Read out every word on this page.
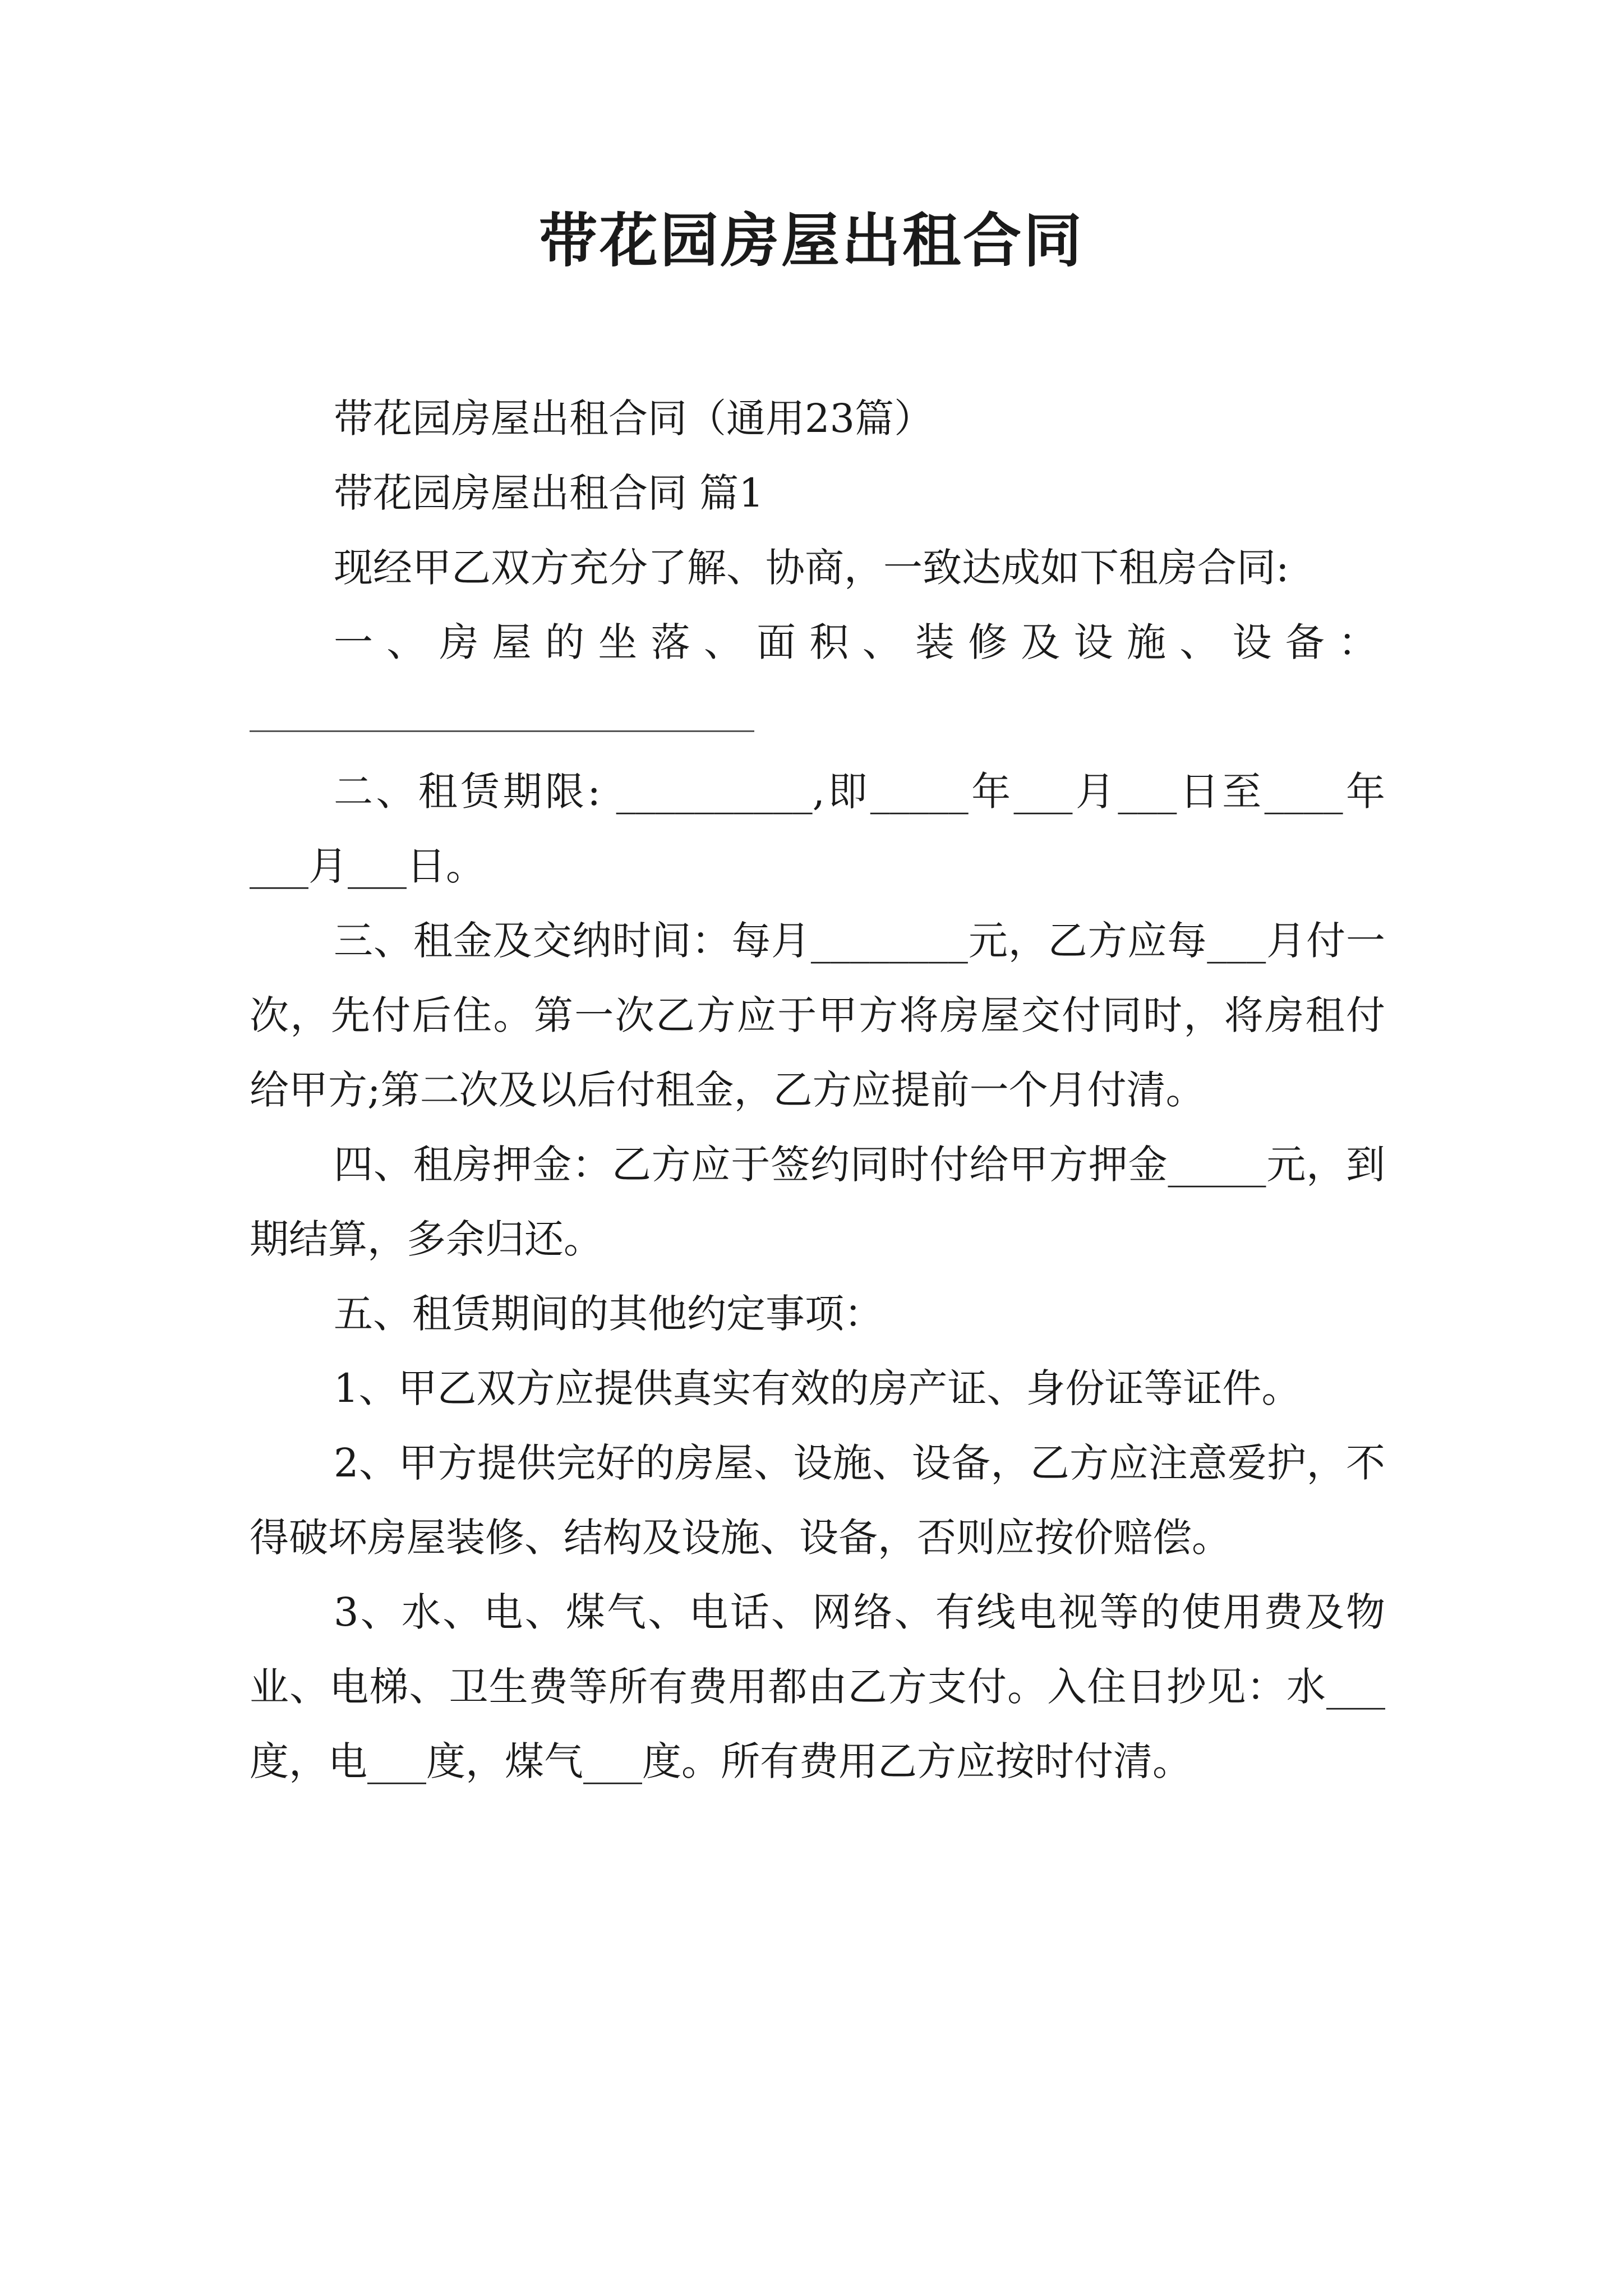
带花园房屋出租合同

带花园房屋出租合同（通用23篇）

带花园房屋出租合同 篇1

现经甲乙双方充分了解、协商，一致达成如下租房合同:

一、房屋的坐落、面积、装修及设施、设备：

二、租赁期限: __________,即_____年___月___日至____年___月___日。

三、租金及交纳时间：每月________元，乙方应每___月付一次，先付后住。第一次乙方应于甲方将房屋交付同时，将房租付给甲方;第二次及以后付租金，乙方应提前一个月付清。

四、租房押金：乙方应于签约同时付给甲方押金_____元，到期结算，多余归还。

五、租赁期间的其他约定事项：

1、甲乙双方应提供真实有效的房产证、身份证等证件。

2、甲方提供完好的房屋、设施、设备，乙方应注意爱护，不得破坏房屋装修、结构及设施、设备，否则应按价赔偿。

3、水、电、煤气、电话、网络、有线电视等的使用费及物业、电梯、卫生费等所有费用都由乙方支付。入住日抄见：水___度，电___度，煤气___度。所有费用乙方应按时付清。
